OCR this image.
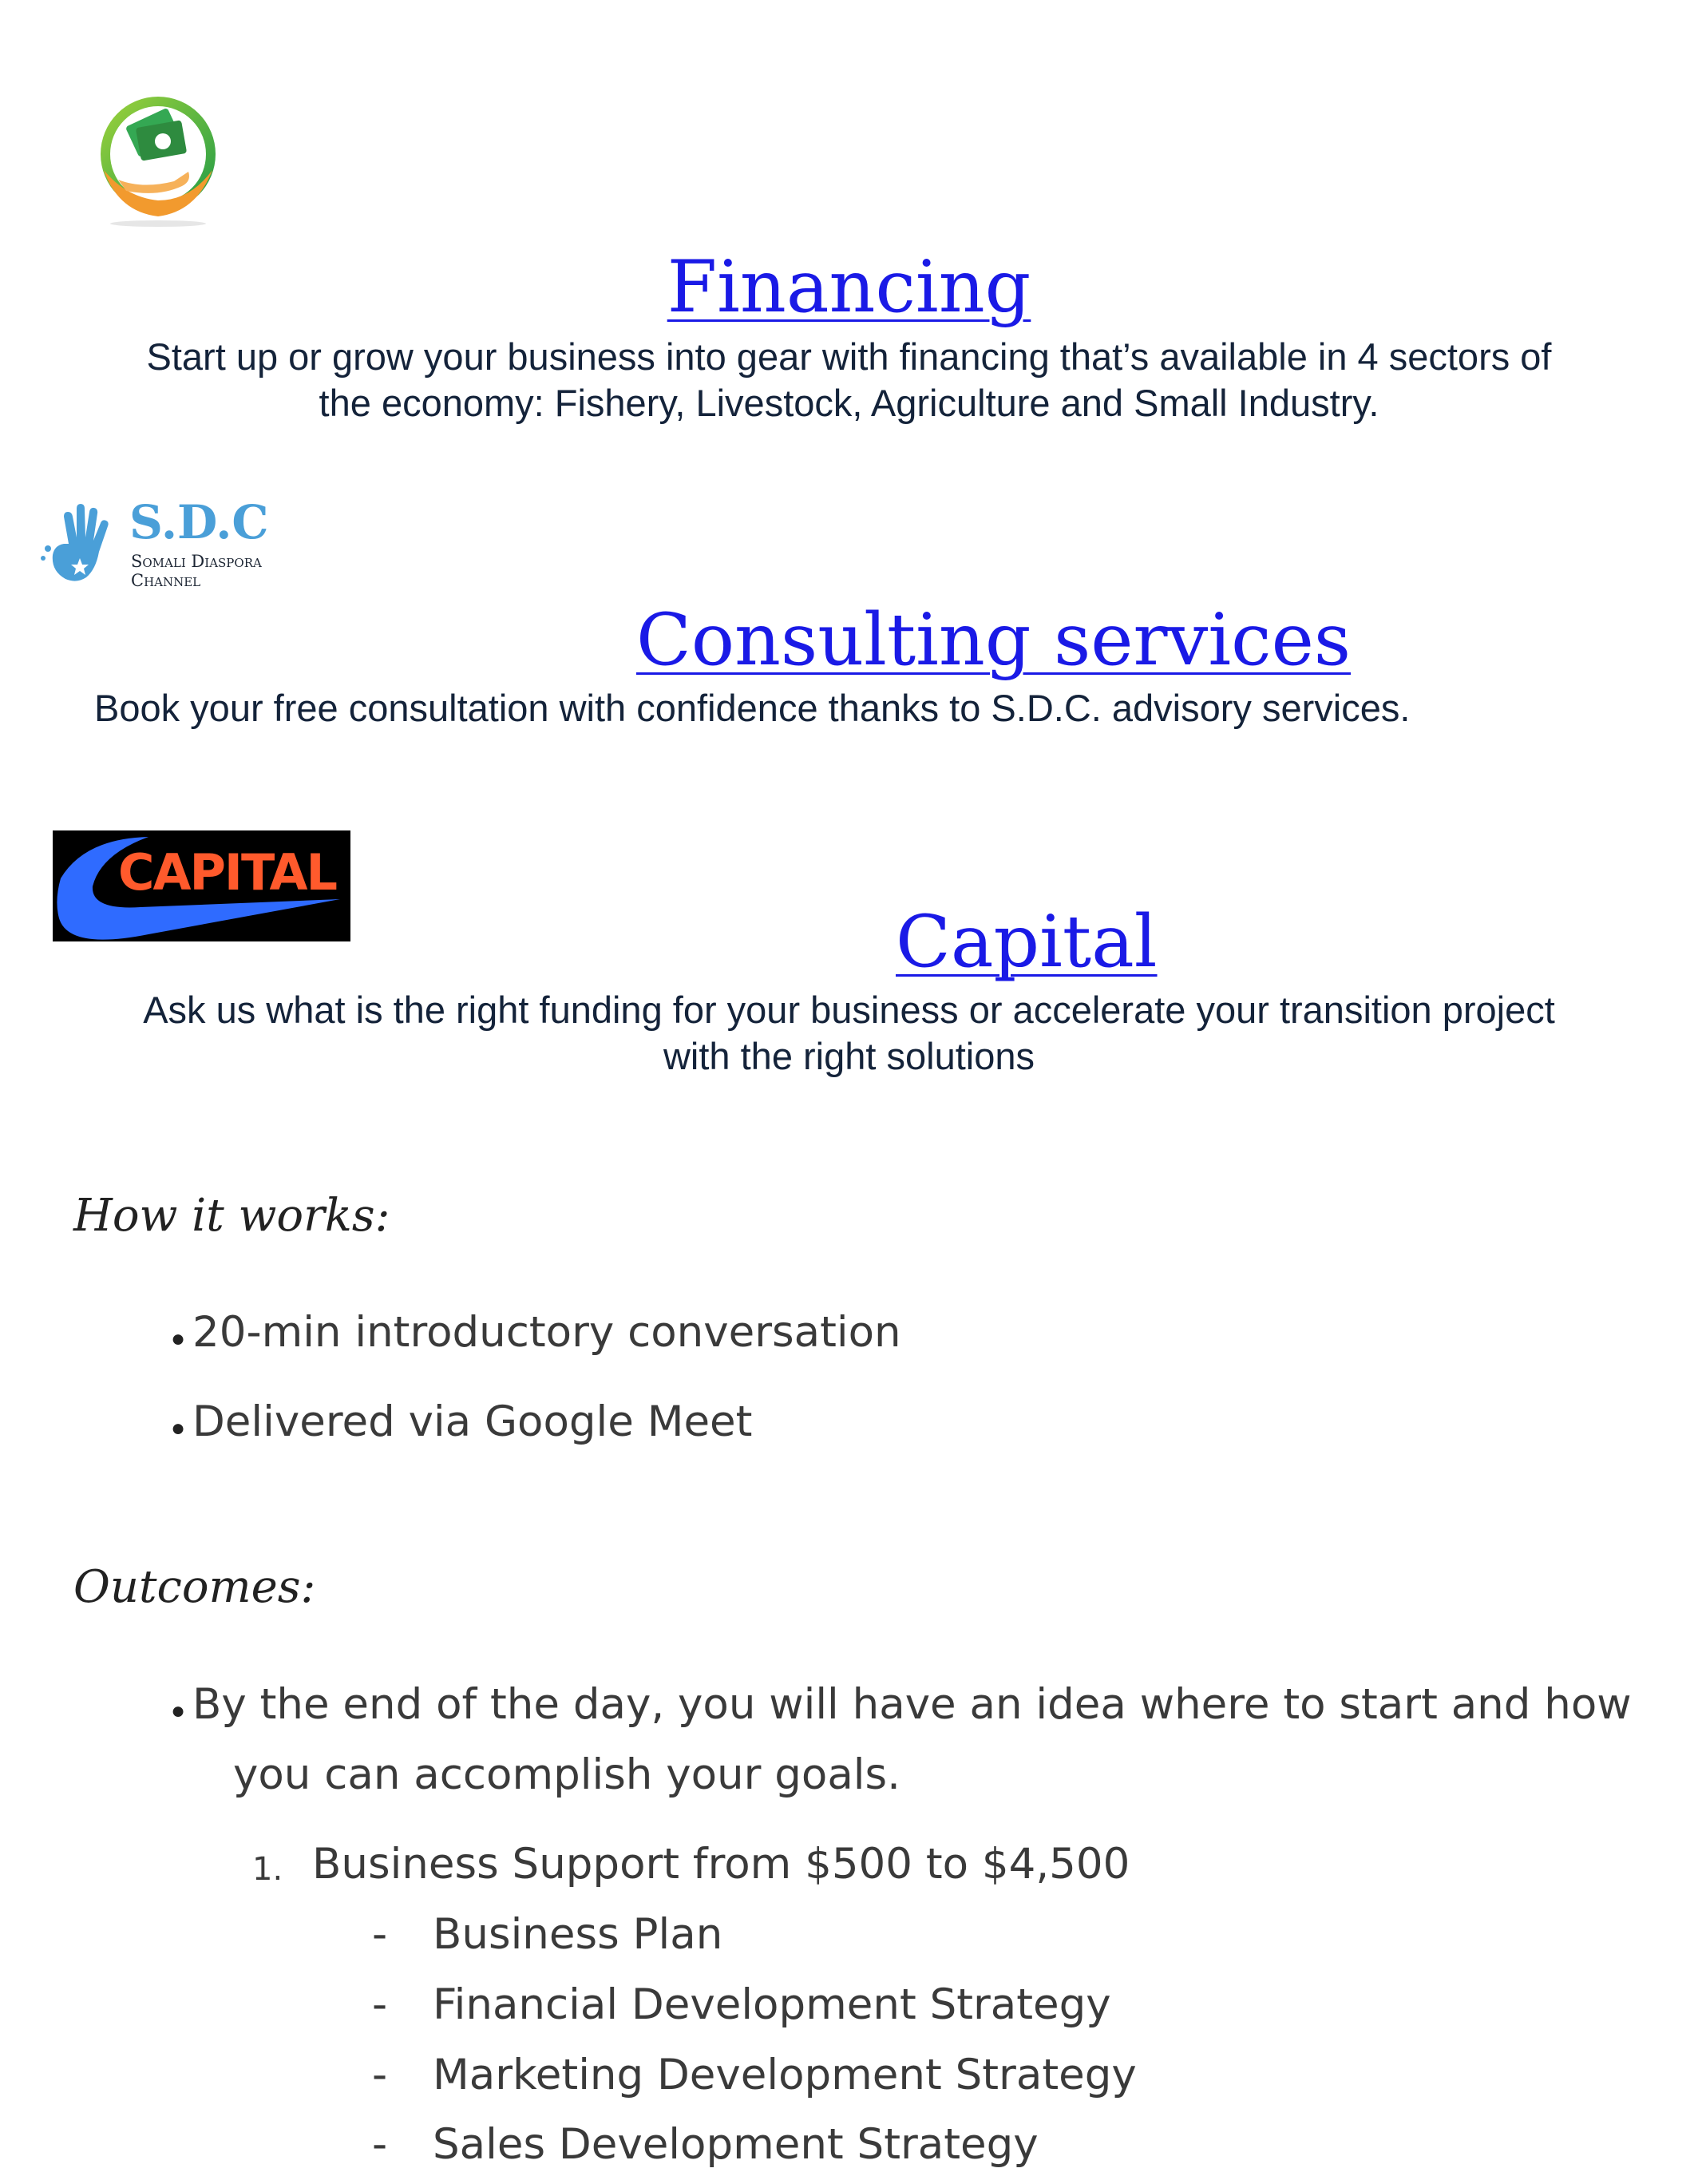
Financing
Start up or grow your business into gear with financing that’s available in 4 sectors of
the economy: Fishery, Livestock, Agriculture and Small Industry.
S.D.C
Somali Diaspora
Channel
Consulting services
Book your free consultation with confidence thanks to S.D.C. advisory services.
CAPITAL
Capital
Ask us what is the right funding for your business or accelerate your transition project
with the right solutions
How it works:
● 20-min introductory conversation
● Delivered via Google Meet
Outcomes:
● By the end of the day, you will have an idea where to start and how
you can accomplish your goals.
1. Business Support from $500 to $4,500
- Business Plan
- Financial Development Strategy
- Marketing Development Strategy
- Sales Development Strategy
